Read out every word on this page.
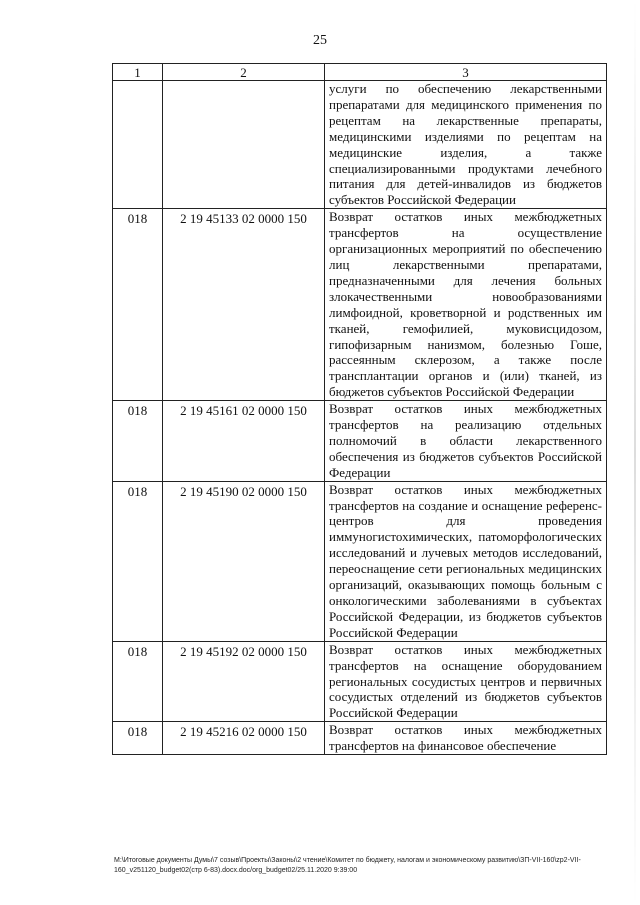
25
1	2	3
		услуги по обеспечению лекарственными препаратами для медицинского применения по рецептам на лекарственные препараты, медицинскими изделиями по рецептам на медицинские изделия, а также специализированными продуктами лечебного питания для детей-инвалидов из бюджетов субъектов Российской Федерации
018	2 19 45133 02 0000 150	Возврат остатков иных межбюджетных трансфертов на осуществление организационных мероприятий по обеспечению лиц лекарственными препаратами, предназначенными для лечения больных злокачественными новообразованиями лимфоидной, кроветворной и родственных им тканей, гемофилией, муковисцидозом, гипофизарным нанизмом, болезнью Гоше, рассеянным склерозом, а также после трансплантации органов и (или) тканей, из бюджетов субъектов Российской Федерации
018	2 19 45161 02 0000 150	Возврат остатков иных межбюджетных трансфертов на реализацию отдельных полномочий в области лекарственного обеспечения из бюджетов субъектов Российской Федерации
018	2 19 45190 02 0000 150	Возврат остатков иных межбюджетных трансфертов на создание и оснащение референс-центров для проведения иммуногистохимических, патоморфологических исследований и лучевых методов исследований, переоснащение сети региональных медицинских организаций, оказывающих помощь больным с онкологическими заболеваниями в субъектах Российской Федерации, из бюджетов субъектов Российской Федерации
018	2 19 45192 02 0000 150	Возврат остатков иных межбюджетных трансфертов на оснащение оборудованием региональных сосудистых центров и первичных сосудистых отделений из бюджетов субъектов Российской Федерации
018	2 19 45216 02 0000 150	Возврат остатков иных межбюджетных трансфертов на финансовое обеспечение
М:\Итоговые документы Думы\7 созыв\Проекты\Законы\2 чтение\Комитет по бюджету, налогам и экономическому развитию\ЗП-VII-160\zp2-VII-160_v251120_budget02(стр 6-83).docx.doc/org_budget02/25.11.2020 9:39:00
